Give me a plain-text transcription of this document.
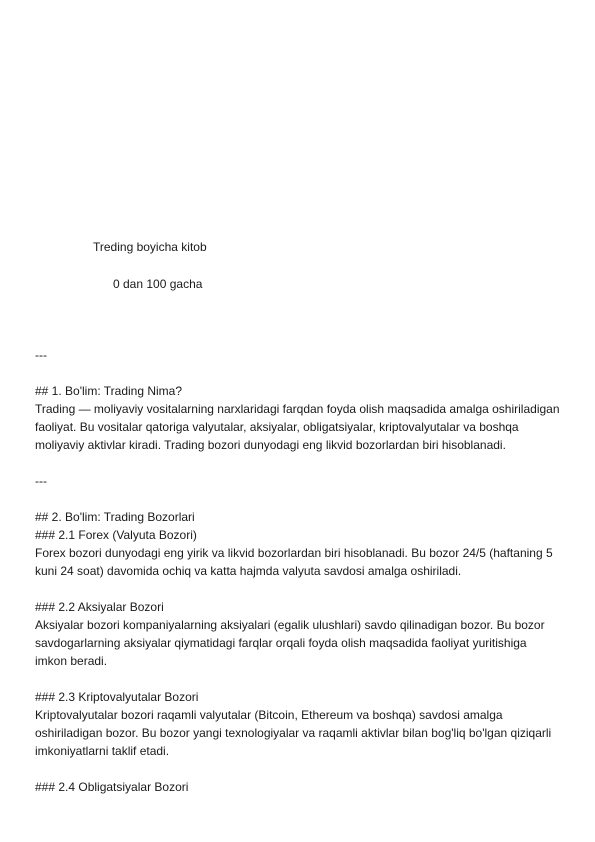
Treding boyicha kitob
0 dan 100 gacha

---

## 1. Bo'lim: Trading Nima?

Trading — moliyaviy vositalarning narxlaridagi farqdan foyda olish maqsadida amalga oshiriladigan faoliyat. Bu vositalar qatoriga valyutalar, aksiyalar, obligatsiyalar, kriptovalyutalar va boshqa moliyaviy aktivlar kiradi. Trading bozori dunyodagi eng likvid bozorlardan biri hisoblanadi.

---

## 2. Bo'lim: Trading Bozorlari

### 2.1 Forex (Valyuta Bozori)

Forex bozori dunyodagi eng yirik va likvid bozorlardan biri hisoblanadi. Bu bozor 24/5 (haftaning 5 kuni 24 soat) davomida ochiq va katta hajmda valyuta savdosi amalga oshiriladi.

### 2.2 Aksiyalar Bozori

Aksiyalar bozori kompaniyalarning aksiyalari (egalik ulushlari) savdo qilinadigan bozor. Bu bozor savdogarlarning aksiyalar qiymatidagi farqlar orqali foyda olish maqsadida faoliyat yuritishiga imkon beradi.

### 2.3 Kriptovalyutalar Bozori

Kriptovalyutalar bozori raqamli valyutalar (Bitcoin, Ethereum va boshqa) savdosi amalga oshiriladigan bozor. Bu bozor yangi texnologiyalar va raqamli aktivlar bilan bog'liq bo'lgan qiziqarli imkoniyatlarni taklif etadi.

### 2.4 Obligatsiyalar Bozori
